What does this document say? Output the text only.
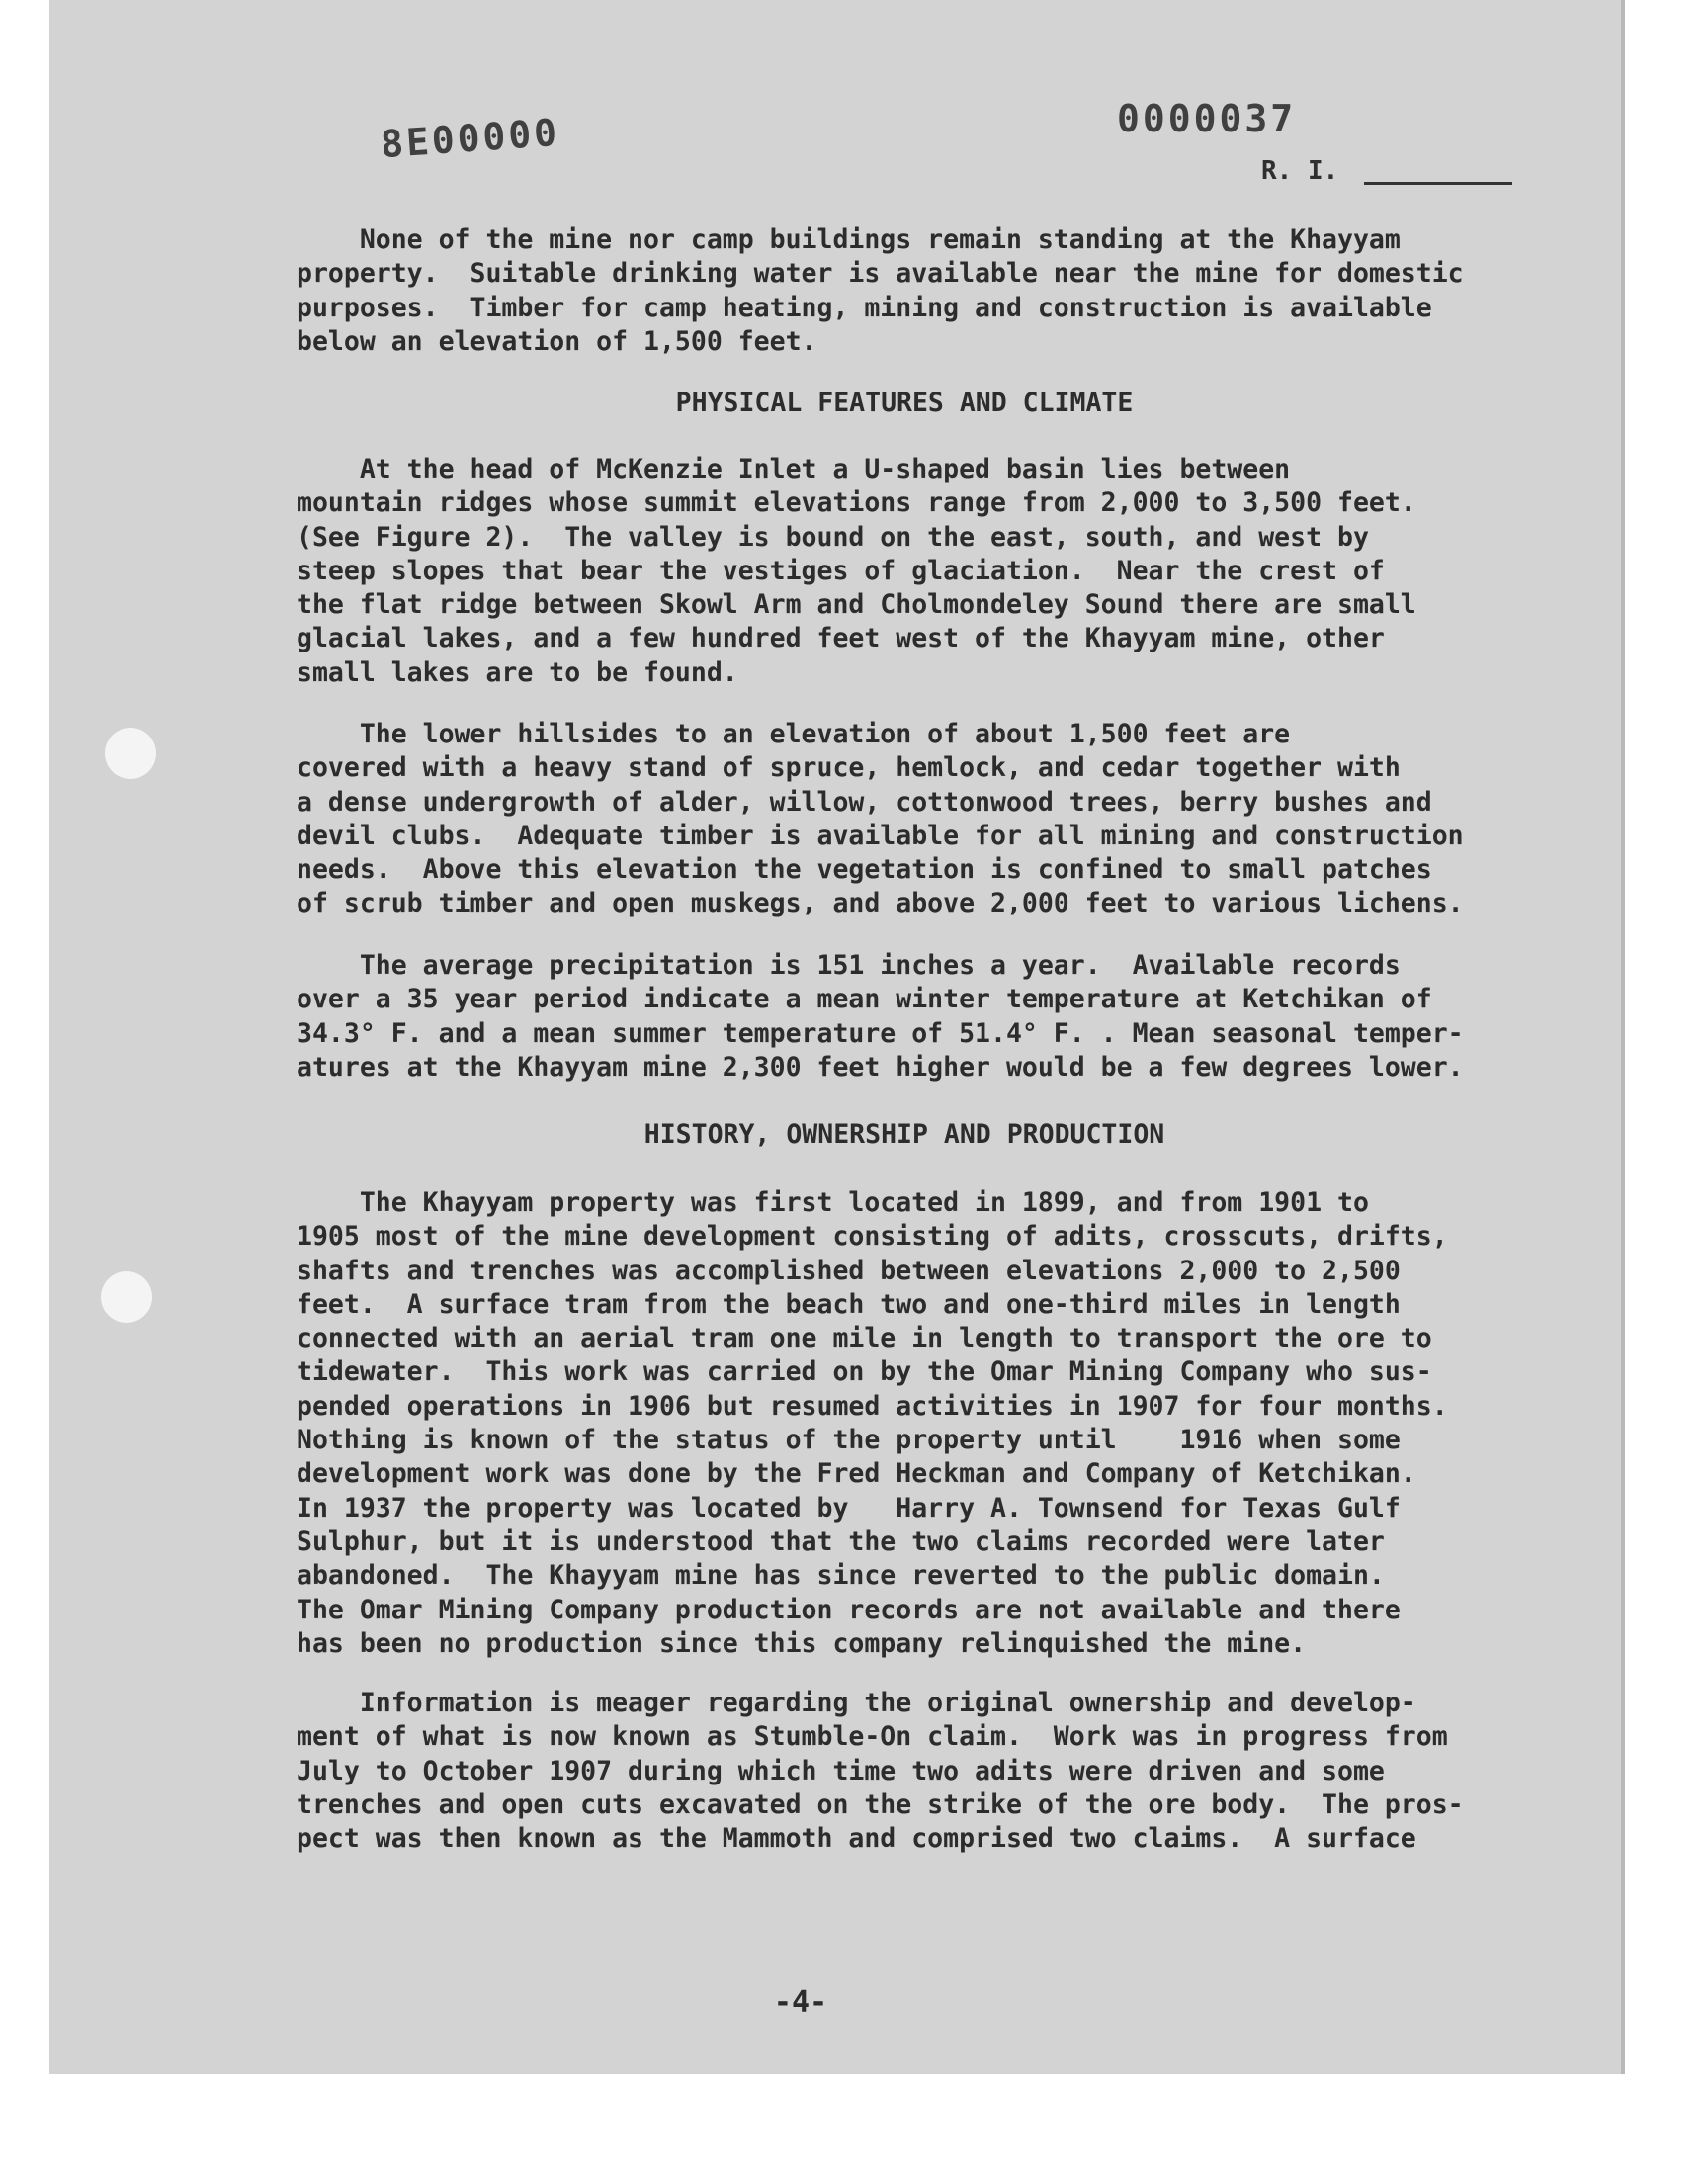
8E00000	0000037
R. I.

None of the mine nor camp buildings remain standing at the Khayyam
property.  Suitable drinking water is available near the mine for domestic
purposes.  Timber for camp heating, mining and construction is available
below an elevation of 1,500 feet.

PHYSICAL FEATURES AND CLIMATE

At the head of McKenzie Inlet a U-shaped basin lies between
mountain ridges whose summit elevations range from 2,000 to 3,500 feet.
(See Figure 2).  The valley is bound on the east, south, and west by
steep slopes that bear the vestiges of glaciation.  Near the crest of
the flat ridge between Skowl Arm and Cholmondeley Sound there are small
glacial lakes, and a few hundred feet west of the Khayyam mine, other
small lakes are to be found.

The lower hillsides to an elevation of about 1,500 feet are
covered with a heavy stand of spruce, hemlock, and cedar together with
a dense undergrowth of alder, willow, cottonwood trees, berry bushes and
devil clubs.  Adequate timber is available for all mining and construction
needs.  Above this elevation the vegetation is confined to small patches
of scrub timber and open muskegs, and above 2,000 feet to various lichens.

The average precipitation is 151 inches a year.  Available records
over a 35 year period indicate a mean winter temperature at Ketchikan of
34.3° F. and a mean summer temperature of 51.4° F. . Mean seasonal temper-
atures at the Khayyam mine 2,300 feet higher would be a few degrees lower.

HISTORY, OWNERSHIP AND PRODUCTION

The Khayyam property was first located in 1899, and from 1901 to
1905 most of the mine development consisting of adits, crosscuts, drifts,
shafts and trenches was accomplished between elevations 2,000 to 2,500
feet.  A surface tram from the beach two and one-third miles in length
connected with an aerial tram one mile in length to transport the ore to
tidewater.  This work was carried on by the Omar Mining Company who sus-
pended operations in 1906 but resumed activities in 1907 for four months.
Nothing is known of the status of the property until    1916 when some
development work was done by the Fred Heckman and Company of Ketchikan.
In 1937 the property was located by   Harry A. Townsend for Texas Gulf
Sulphur, but it is understood that the two claims recorded were later
abandoned.  The Khayyam mine has since reverted to the public domain.
The Omar Mining Company production records are not available and there
has been no production since this company relinquished the mine.

Information is meager regarding the original ownership and develop-
ment of what is now known as Stumble-On claim.  Work was in progress from
July to October 1907 during which time two adits were driven and some
trenches and open cuts excavated on the strike of the ore body.  The pros-
pect was then known as the Mammoth and comprised two claims.  A surface

-4-
